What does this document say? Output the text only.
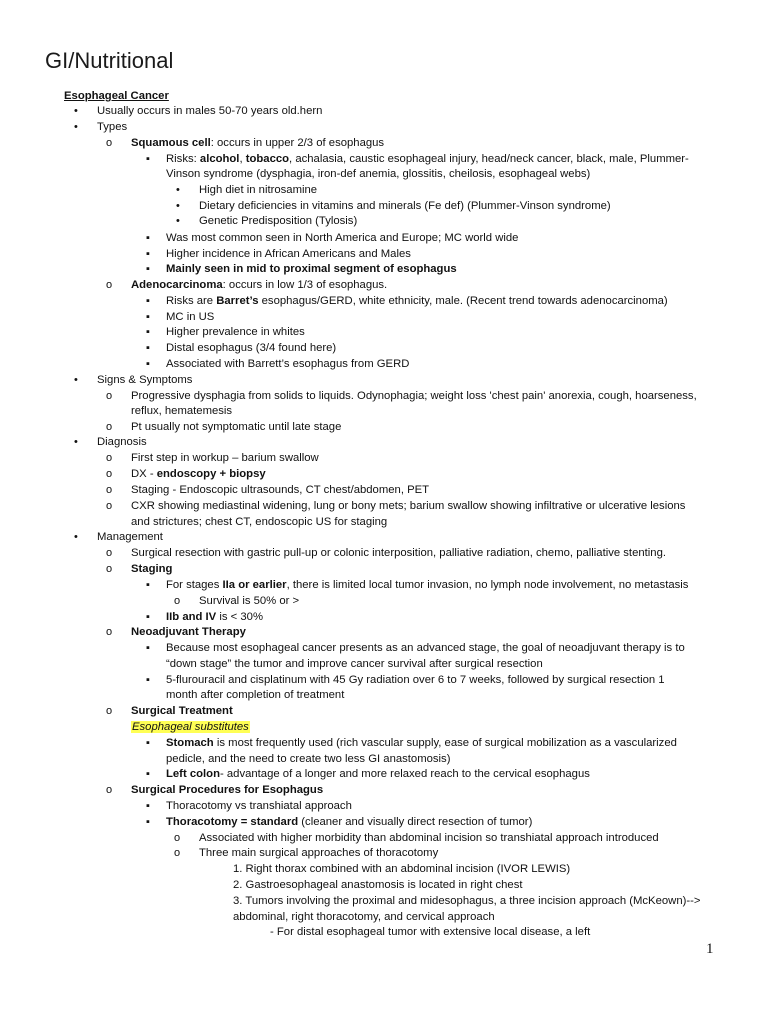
GI/Nutritional
Esophageal Cancer
• Usually occurs in males 50-70 years old.hern
• Types
o Squamous cell: occurs in upper 2/3 of esophagus
▪ Risks: alcohol, tobacco, achalasia, caustic esophageal injury, head/neck cancer, black, male, Plummer-
Vinson syndrome (dysphagia, iron-def anemia, glossitis, cheilosis, esophageal webs)
• High diet in nitrosamine
• Dietary deficiencies in vitamins and minerals (Fe def) (Plummer-Vinson syndrome)
• Genetic Predisposition (Tylosis)
▪ Was most common seen in North America and Europe; MC world wide
▪ Higher incidence in African Americans and Males
▪ Mainly seen in mid to proximal segment of esophagus
o Adenocarcinoma: occurs in low 1/3 of esophagus.
▪ Risks are Barret’s esophagus/GERD, white ethnicity, male. (Recent trend towards adenocarcinoma)
▪ MC in US
▪ Higher prevalence in whites
▪ Distal esophagus (3/4 found here)
▪ Associated with Barrett’s esophagus from GERD
• Signs & Symptoms
o Progressive dysphagia from solids to liquids. Odynophagia; weight loss 'chest pain' anorexia, cough, hoarseness,
reflux, hematemesis
o Pt usually not symptomatic until late stage
• Diagnosis
o First step in workup – barium swallow
o DX - endoscopy + biopsy
o Staging - Endoscopic ultrasounds, CT chest/abdomen, PET
o CXR showing mediastinal widening, lung or bony mets; barium swallow showing infiltrative or ulcerative lesions
and strictures; chest CT, endoscopic US for staging
• Management
o Surgical resection with gastric pull-up or colonic interposition, palliative radiation, chemo, palliative stenting.
o Staging
▪ For stages IIa or earlier, there is limited local tumor invasion, no lymph node involvement, no metastasis
o Survival is 50% or >
▪ IIb and IV is < 30%
o Neoadjuvant Therapy
▪ Because most esophageal cancer presents as an advanced stage, the goal of neoadjuvant therapy is to
“down stage” the tumor and improve cancer survival after surgical resection
▪ 5-flurouracil and cisplatinum with 45 Gy radiation over 6 to 7 weeks, followed by surgical resection 1
month after completion of treatment
o Surgical Treatment
Esophageal substitutes
▪ Stomach is most frequently used (rich vascular supply, ease of surgical mobilization as a vascularized
pedicle, and the need to create two less GI anastomosis)
▪ Left colon- advantage of a longer and more relaxed reach to the cervical esophagus
o Surgical Procedures for Esophagus
▪ Thoracotomy vs transhiatal approach
▪ Thoracotomy = standard (cleaner and visually direct resection of tumor)
o Associated with higher morbidity than abdominal incision so transhiatal approach introduced
o Three main surgical approaches of thoracotomy
1. Right thorax combined with an abdominal incision (IVOR LEWIS)
2. Gastroesophageal anastomosis is located in right chest
3. Tumors involving the proximal and midesophagus, a three incision approach (McKeown)-->
abdominal, right thoracotomy, and cervical approach
- For distal esophageal tumor with extensive local disease, a left
1
